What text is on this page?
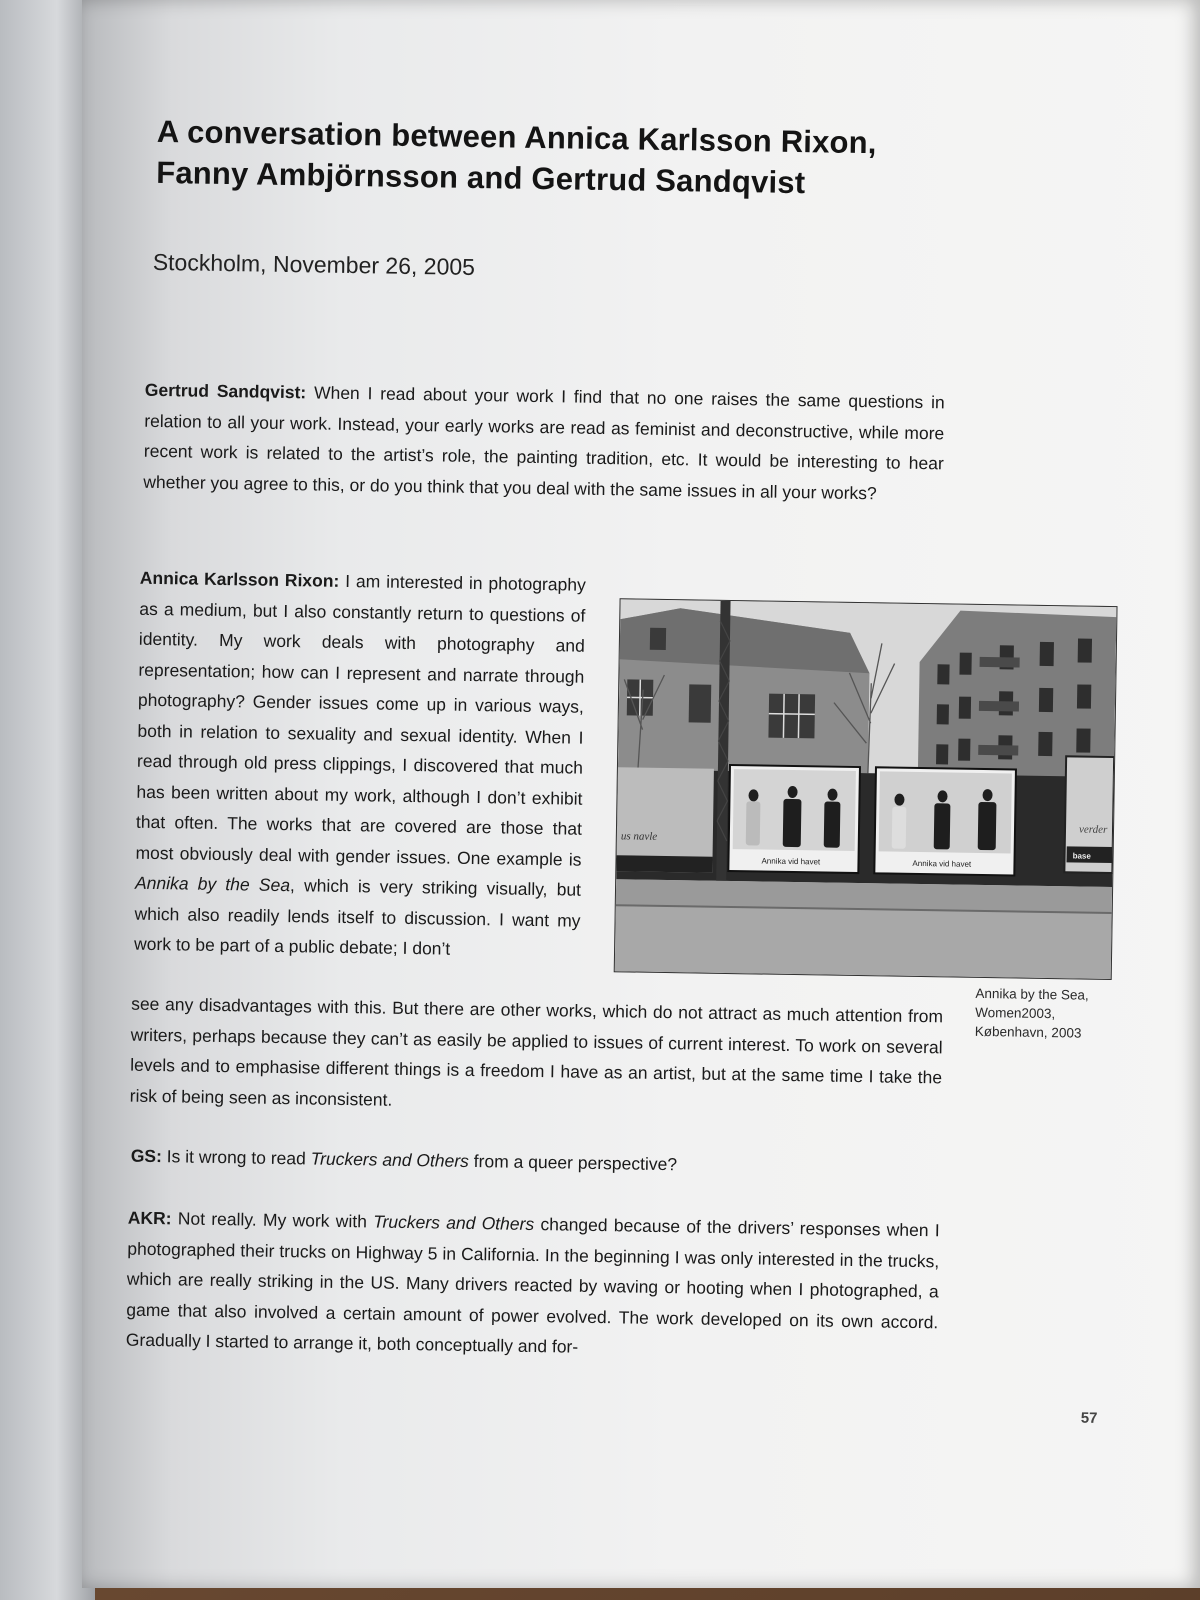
A conversation between Annica Karlsson Rixon,
Fanny Ambjörnsson and Gertrud Sandqvist
Stockholm, November 26, 2005

Gertrud Sandqvist: When I read about your work I find that no one raises the same questions in relation to all your work. Instead, your early works are read as feminist and deconstructive, while more recent work is related to the artist’s role, the painting tradition, etc. It would be interesting to hear whether you agree to this, or do you think that you deal with the same issues in all your works?

Annica Karlsson Rixon: I am interested in photography as a medium, but I also constantly return to questions of identity. My work deals with photography and representation; how can I represent and narrate through photography? Gender issues come up in various ways, both in relation to sexuality and sexual identity. When I read through old press clippings, I discovered that much has been written about my work, although I don’t exhibit that often. The works that are covered are those that most obviously deal with gender issues. One example is Annika by the Sea, which is very striking visually, but which also readily lends itself to discussion. I want my work to be part of a public debate; I don’t

see any disadvantages with this. But there are other works, which do not attract as much attention from writers, perhaps because they can’t as easily be applied to issues of current interest. To work on several levels and to emphasise different things is a freedom I have as an artist, but at the same time I take the risk of being seen as inconsistent.

GS: Is it wrong to read Truckers and Others from a queer perspective?

AKR: Not really. My work with Truckers and Others changed because of the drivers’ responses when I photographed their trucks on Highway 5 in California. In the beginning I was only interested in the trucks, which are really striking in the US. Many drivers reacted by waving or hooting when I photographed, a game that also involved a certain amount of power evolved. The work developed on its own accord. Gradually I started to arrange it, both conceptually and for-

us navle
Annika vid havet	Annika vid havet
verder
base

Annika by the Sea,
Women2003,
København, 2003

57
